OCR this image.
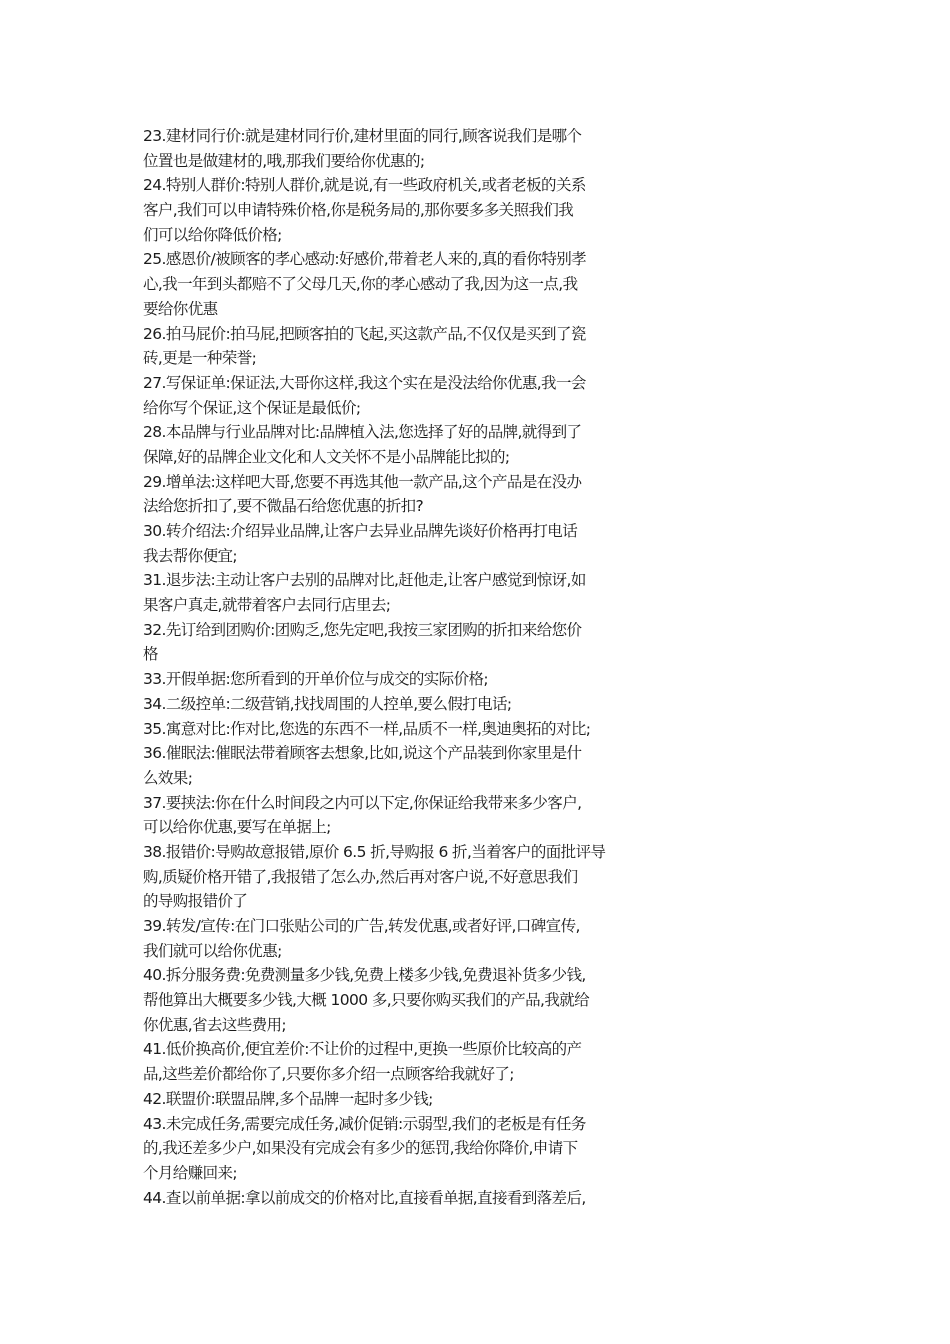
23.建材同行价:就是建材同行价,建材里面的同行,顾客说我们是哪个
位置也是做建材的,哦,那我们要给你优惠的;
24.特别人群价:特别人群价,就是说,有一些政府机关,或者老板的关系
客户,我们可以申请特殊价格,你是税务局的,那你要多多关照我们我
们可以给你降低价格;
25.感恩价/被顾客的孝心感动:好感价,带着老人来的,真的看你特别孝
心,我一年到头都赔不了父母几天,你的孝心感动了我,因为这一点,我
要给你优惠
26.拍马屁价:拍马屁,把顾客拍的飞起,买这款产品,不仅仅是买到了瓷
砖,更是一种荣誉;
27.写保证单:保证法,大哥你这样,我这个实在是没法给你优惠,我一会
给你写个保证,这个保证是最低价;
28.本品牌与行业品牌对比:品牌植入法,您选择了好的品牌,就得到了
保障,好的品牌企业文化和人文关怀不是小品牌能比拟的;
29.增单法:这样吧大哥,您要不再选其他一款产品,这个产品是在没办
法给您折扣了,要不微晶石给您优惠的折扣?
30.转介绍法:介绍异业品牌,让客户去异业品牌先谈好价格再打电话
我去帮你便宜;
31.退步法:主动让客户去别的品牌对比,赶他走,让客户感觉到惊讶,如
果客户真走,就带着客户去同行店里去;
32.先订给到团购价:团购乏,您先定吧,我按三家团购的折扣来给您价
格
33.开假单据:您所看到的开单价位与成交的实际价格;
34.二级控单:二级营销,找找周围的人控单,要么假打电话;
35.寓意对比:作对比,您选的东西不一样,品质不一样,奥迪奥拓的对比;
36.催眠法:催眠法带着顾客去想象,比如,说这个产品装到你家里是什
么效果;
37.要挟法:你在什么时间段之内可以下定,你保证给我带来多少客户,
可以给你优惠,要写在单据上;
38.报错价:导购故意报错,原价 6.5 折,导购报 6 折,当着客户的面批评导
购,质疑价格开错了,我报错了怎么办,然后再对客户说,不好意思我们
的导购报错价了
39.转发/宣传:在门口张贴公司的广告,转发优惠,或者好评,口碑宣传,
我们就可以给你优惠;
40.拆分服务费:免费测量多少钱,免费上楼多少钱,免费退补货多少钱,
帮他算出大概要多少钱,大概 1000 多,只要你购买我们的产品,我就给
你优惠,省去这些费用;
41.低价换高价,便宜差价:不让价的过程中,更换一些原价比较高的产
品,这些差价都给你了,只要你多介绍一点顾客给我就好了;
42.联盟价:联盟品牌,多个品牌一起时多少钱;
43.未完成任务,需要完成任务,减价促销:示弱型,我们的老板是有任务
的,我还差多少户,如果没有完成会有多少的惩罚,我给你降价,申请下
个月给赚回来;
44.查以前单据:拿以前成交的价格对比,直接看单据,直接看到落差后,
